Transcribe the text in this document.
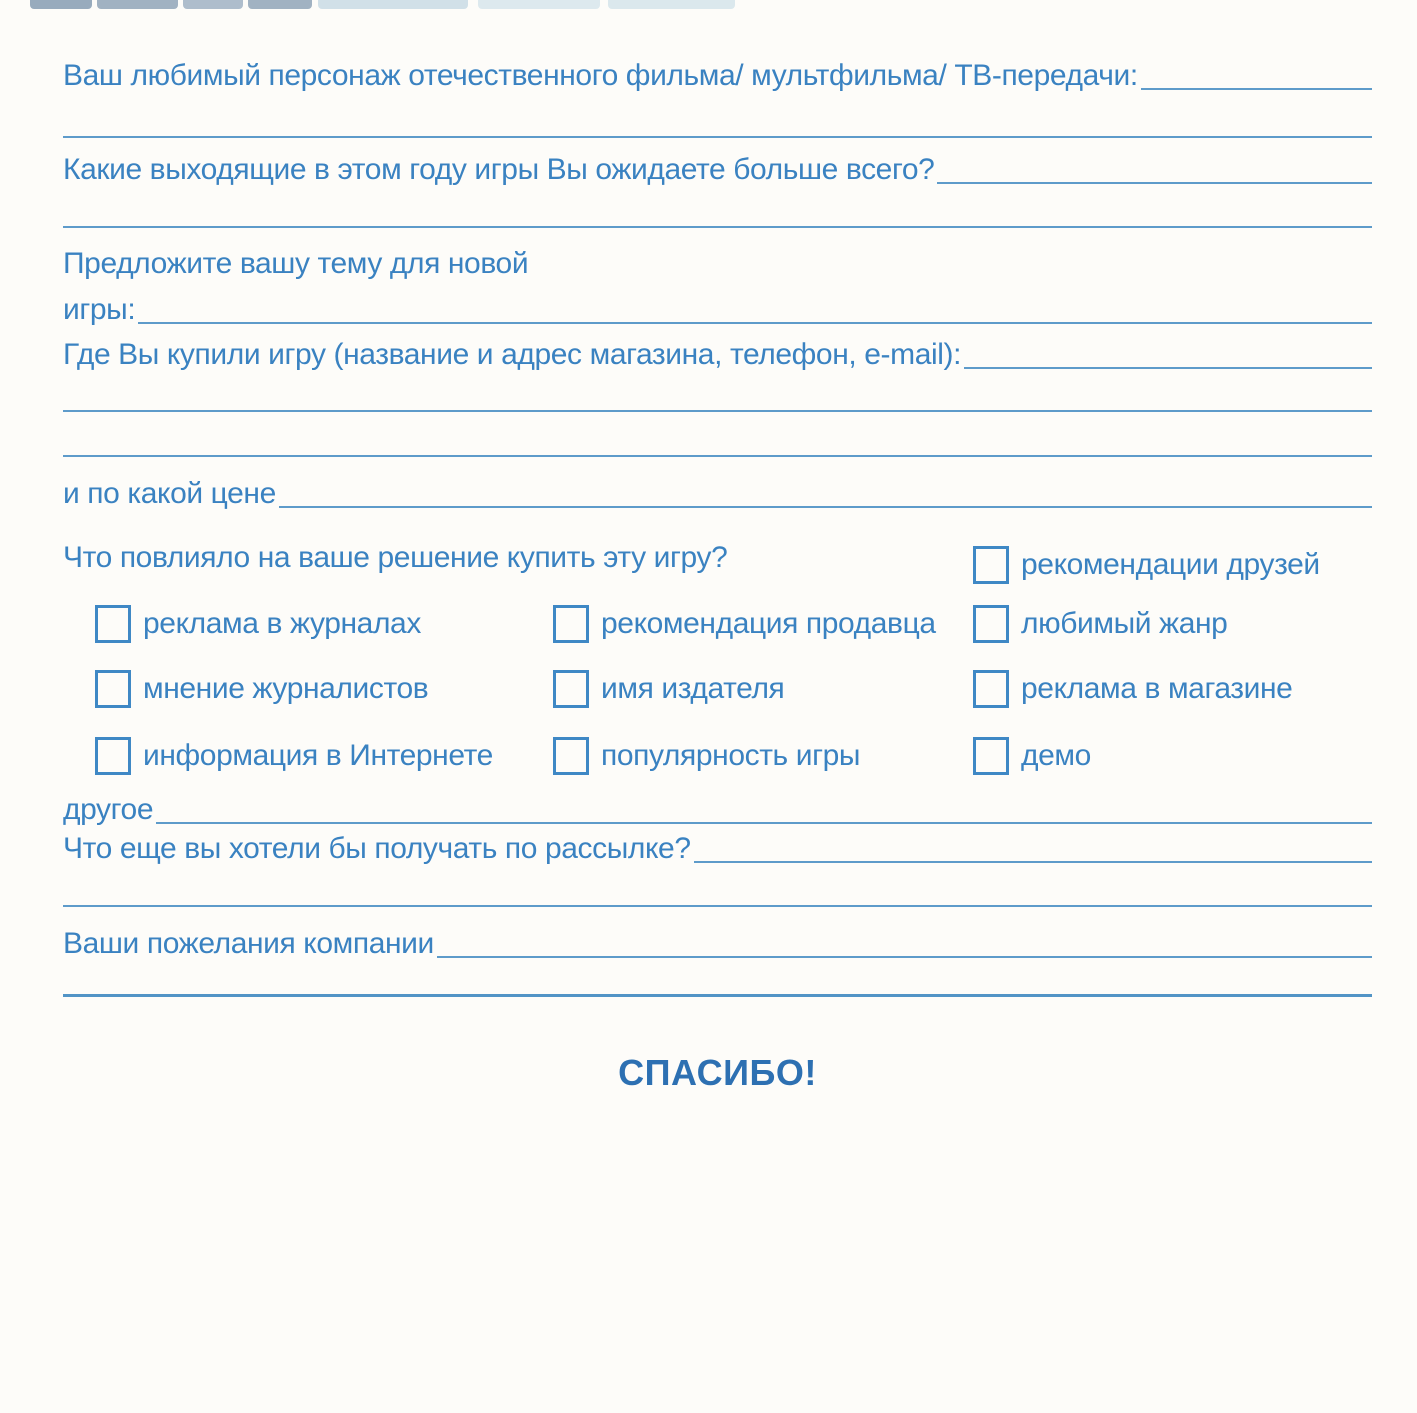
Ваш любимый персонаж отечественного фильма/ мультфильма/ ТВ-передачи:
Какие выходящие в этом году игры Вы ожидаете больше всего?
Предложите вашу тему для новой
игры:
Где Вы купили игру (название и адрес магазина, телефон, e-mail):
и по какой цене
Что повлияло на ваше решение купить эту игру?	рекомендации друзей
реклама в журналах	рекомендация продавца	любимый жанр
мнение журналистов	имя издателя	реклама в магазине
информация в Интернете	популярность игры	демо
другое
Что еще вы хотели бы получать по рассылке?
Ваши пожелания компании
СПАСИБО!
